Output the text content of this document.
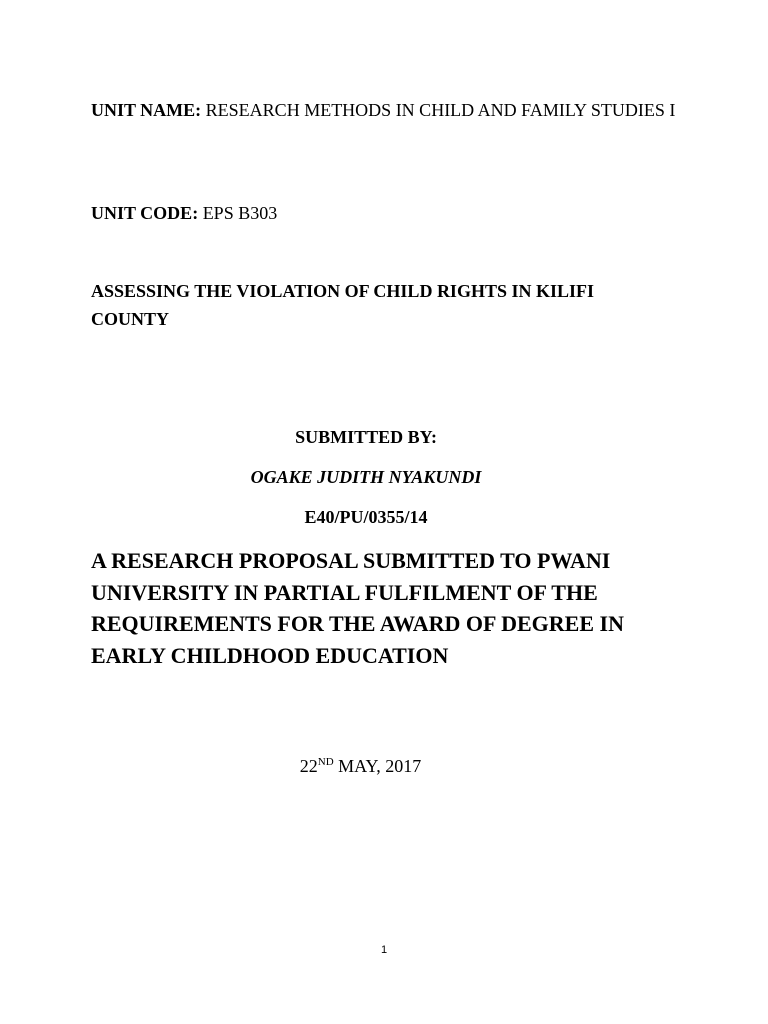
UNIT NAME: RESEARCH METHODS IN CHILD AND FAMILY STUDIES I
UNIT CODE: EPS B303
ASSESSING THE VIOLATION OF CHILD RIGHTS IN KILIFI COUNTY
SUBMITTED BY:
OGAKE JUDITH NYAKUNDI
E40/PU/0355/14
A RESEARCH PROPOSAL SUBMITTED TO PWANI UNIVERSITY IN PARTIAL FULFILMENT OF THE REQUIREMENTS FOR THE AWARD OF DEGREE IN EARLY CHILDHOOD EDUCATION
22ND MAY, 2017
1
